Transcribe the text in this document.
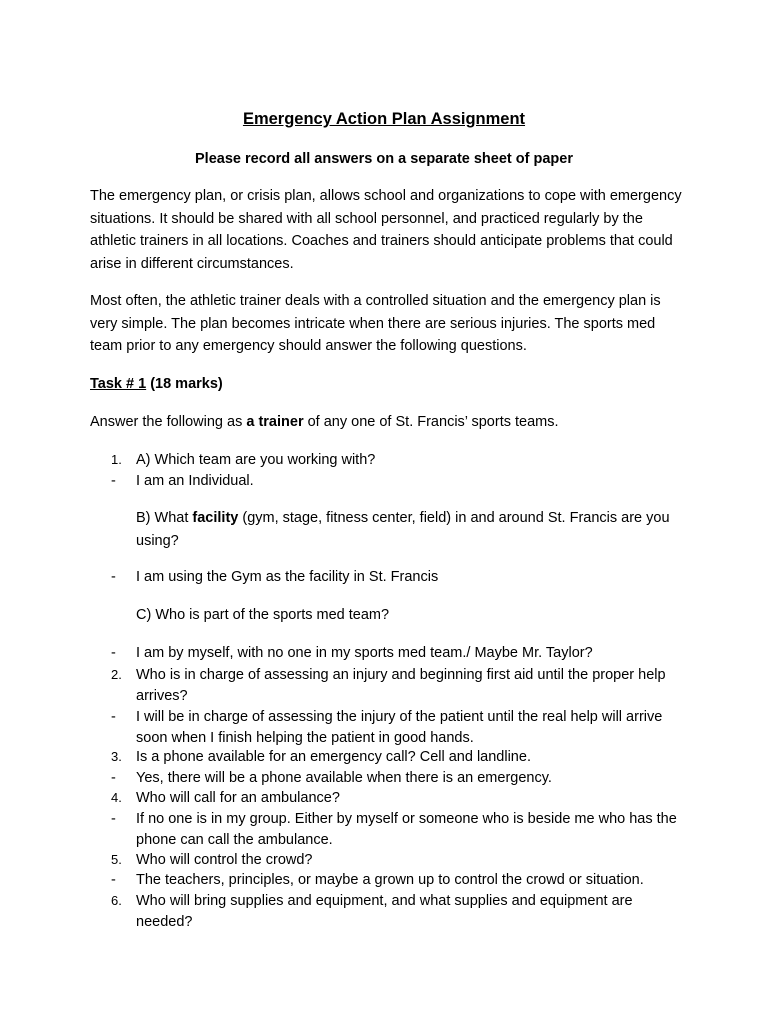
Emergency Action Plan Assignment
Please record all answers on a separate sheet of paper
The emergency plan, or crisis plan, allows school and organizations to cope with emergency situations. It should be shared with all school personnel, and practiced regularly by the athletic trainers in all locations. Coaches and trainers should anticipate problems that could arise in different circumstances.
Most often, the athletic trainer deals with a controlled situation and the emergency plan is very simple. The plan becomes intricate when there are serious injuries. The sports med team prior to any emergency should answer the following questions.
Task # 1 (18 marks)
Answer the following as a trainer of any one of St. Francis’ sports teams.
1. A) Which team are you working with?
- I am an Individual.
B) What facility (gym, stage, fitness center, field) in and around St. Francis are you using?
- I am using the Gym as the facility in St. Francis
C) Who is part of the sports med team?
- I am by myself, with no one in my sports med team./ Maybe Mr. Taylor?
2. Who is in charge of assessing an injury and beginning first aid until the proper help arrives?
- I will be in charge of assessing the injury of the patient until the real help will arrive soon when I finish helping the patient in good hands.
3. Is a phone available for an emergency call? Cell and landline.
- Yes, there will be a phone available when there is an emergency.
4. Who will call for an ambulance?
- If no one is in my group. Either by myself or someone who is beside me who has the phone can call the ambulance.
5. Who will control the crowd?
- The teachers, principles, or maybe a grown up to control the crowd or situation.
6. Who will bring supplies and equipment, and what supplies and equipment are needed?
